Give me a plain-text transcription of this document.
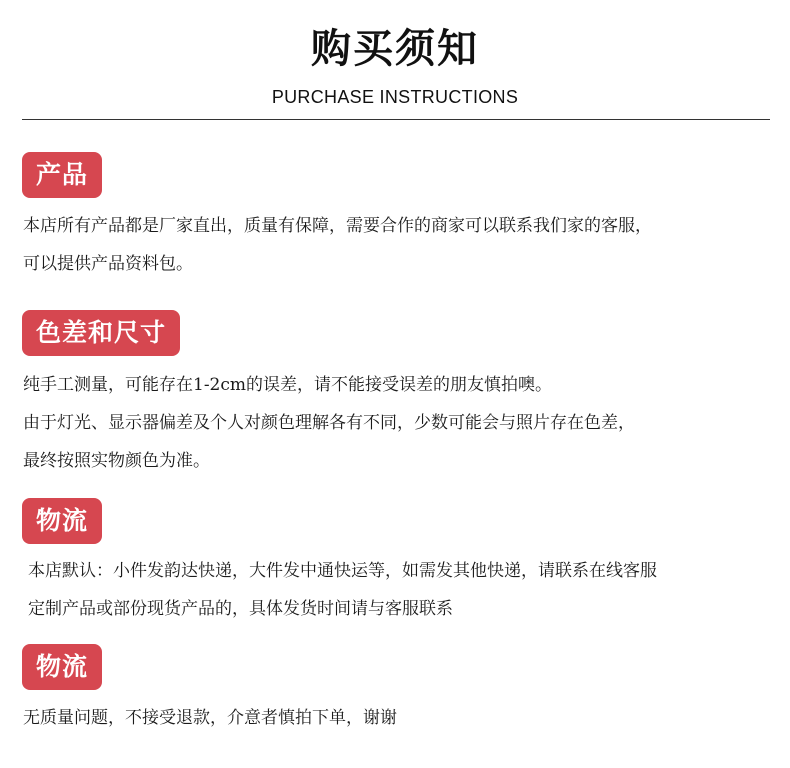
购买须知
PURCHASE INSTRUCTIONS
产品
本店所有产品都是厂家直出，质量有保障，需要合作的商家可以联系我们家的客服，
可以提供产品资料包。
色差和尺寸
纯手工测量，可能存在1-2cm的误差，请不能接受误差的朋友慎拍噢。
由于灯光、显示器偏差及个人对颜色理解各有不同，少数可能会与照片存在色差，
最终按照实物颜色为准。
物流
本店默认：小件发韵达快递，大件发中通快运等，如需发其他快递，请联系在线客服
定制产品或部份现货产品的，具体发货时间请与客服联系
物流
无质量问题，不接受退款，介意者慎拍下单，谢谢
